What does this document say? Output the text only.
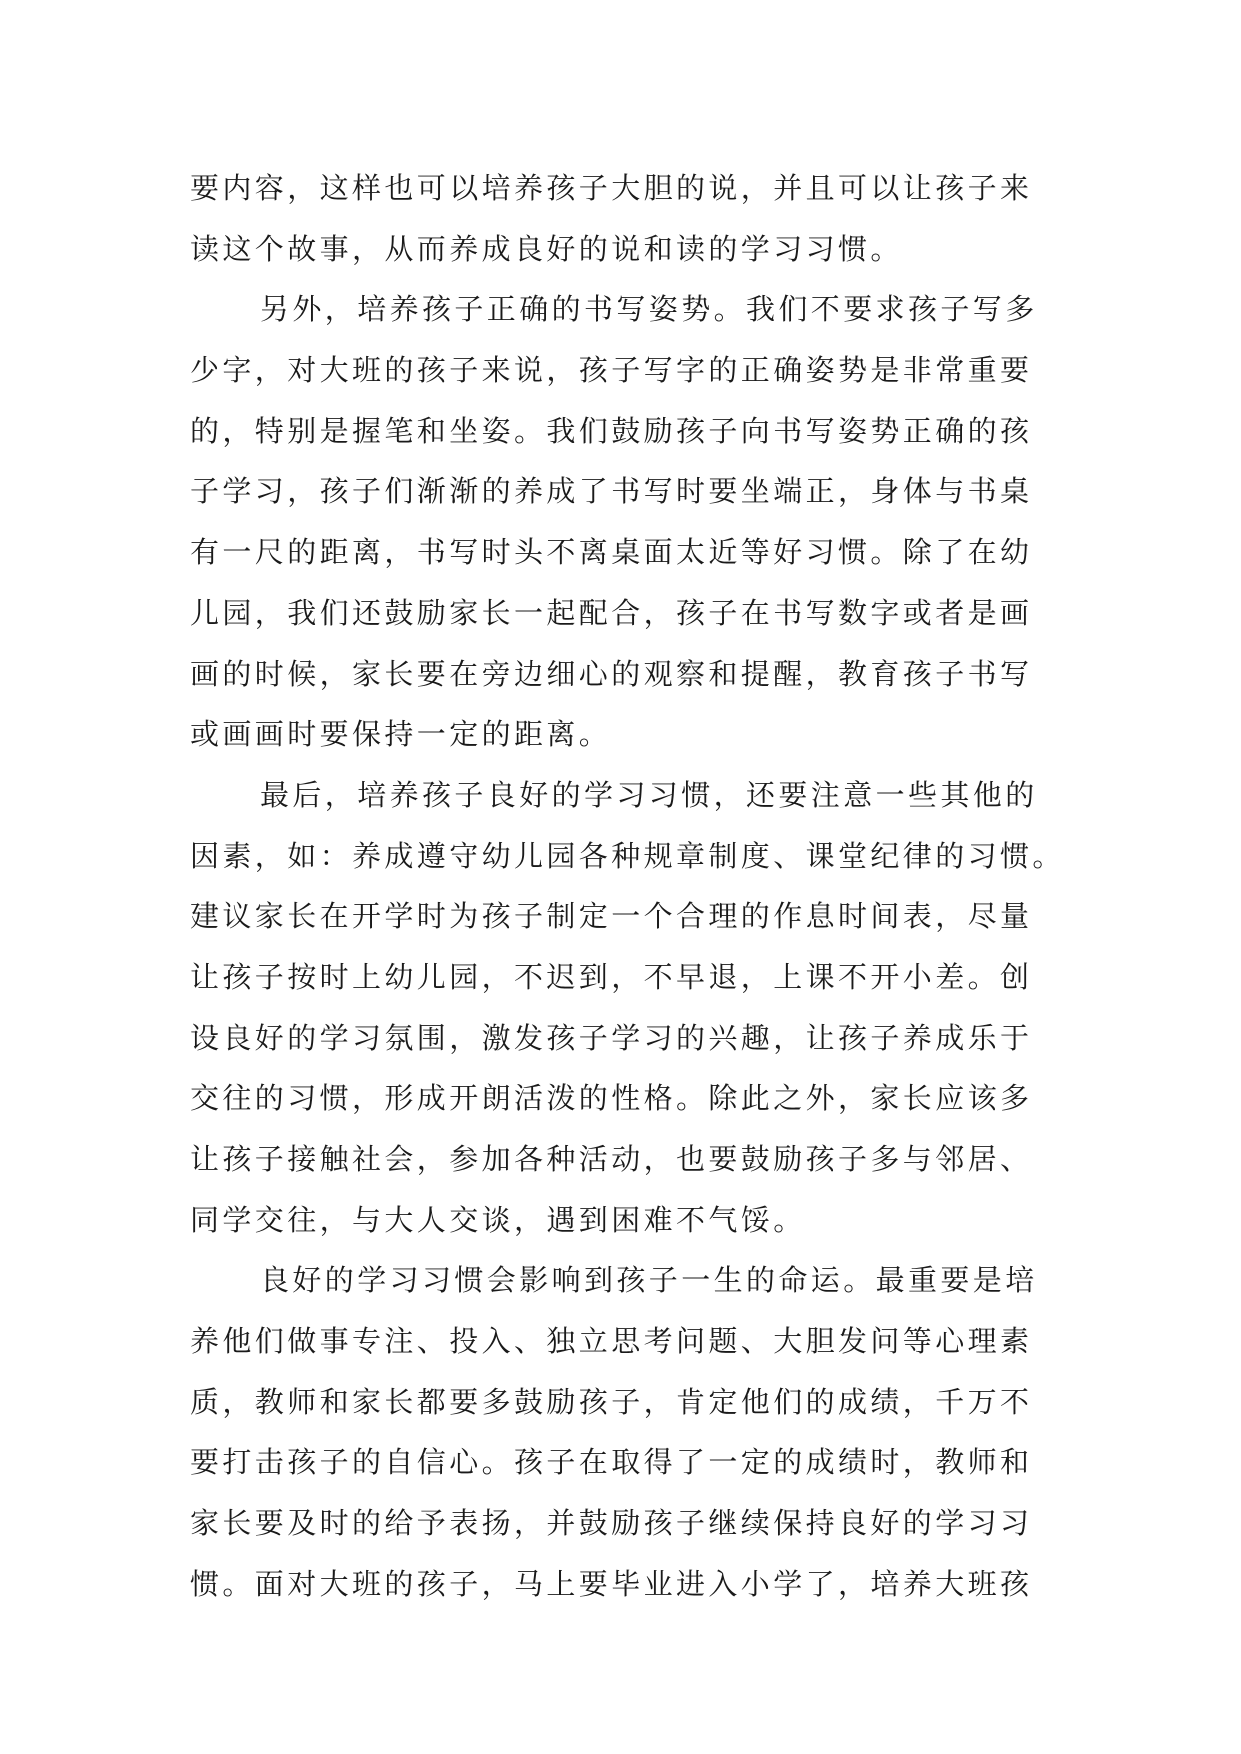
要内容，这样也可以培养孩子大胆的说，并且可以让孩子来
读这个故事，从而养成良好的说和读的学习习惯。
另外，培养孩子正确的书写姿势。我们不要求孩子写多
少字，对大班的孩子来说，孩子写字的正确姿势是非常重要
的，特别是握笔和坐姿。我们鼓励孩子向书写姿势正确的孩
子学习，孩子们渐渐的养成了书写时要坐端正，身体与书桌
有一尺的距离，书写时头不离桌面太近等好习惯。除了在幼
儿园，我们还鼓励家长一起配合，孩子在书写数字或者是画
画的时候，家长要在旁边细心的观察和提醒，教育孩子书写
或画画时要保持一定的距离。
最后，培养孩子良好的学习习惯，还要注意一些其他的
因素，如：养成遵守幼儿园各种规章制度、课堂纪律的习惯。
建议家长在开学时为孩子制定一个合理的作息时间表，尽量
让孩子按时上幼儿园，不迟到，不早退，上课不开小差。创
设良好的学习氛围，激发孩子学习的兴趣，让孩子养成乐于
交往的习惯，形成开朗活泼的性格。除此之外，家长应该多
让孩子接触社会，参加各种活动，也要鼓励孩子多与邻居、
同学交往，与大人交谈，遇到困难不气馁。
良好的学习习惯会影响到孩子一生的命运。最重要是培
养他们做事专注、投入、独立思考问题、大胆发问等心理素
质，教师和家长都要多鼓励孩子，肯定他们的成绩，千万不
要打击孩子的自信心。孩子在取得了一定的成绩时，教师和
家长要及时的给予表扬，并鼓励孩子继续保持良好的学习习
惯。面对大班的孩子，马上要毕业进入小学了，培养大班孩
